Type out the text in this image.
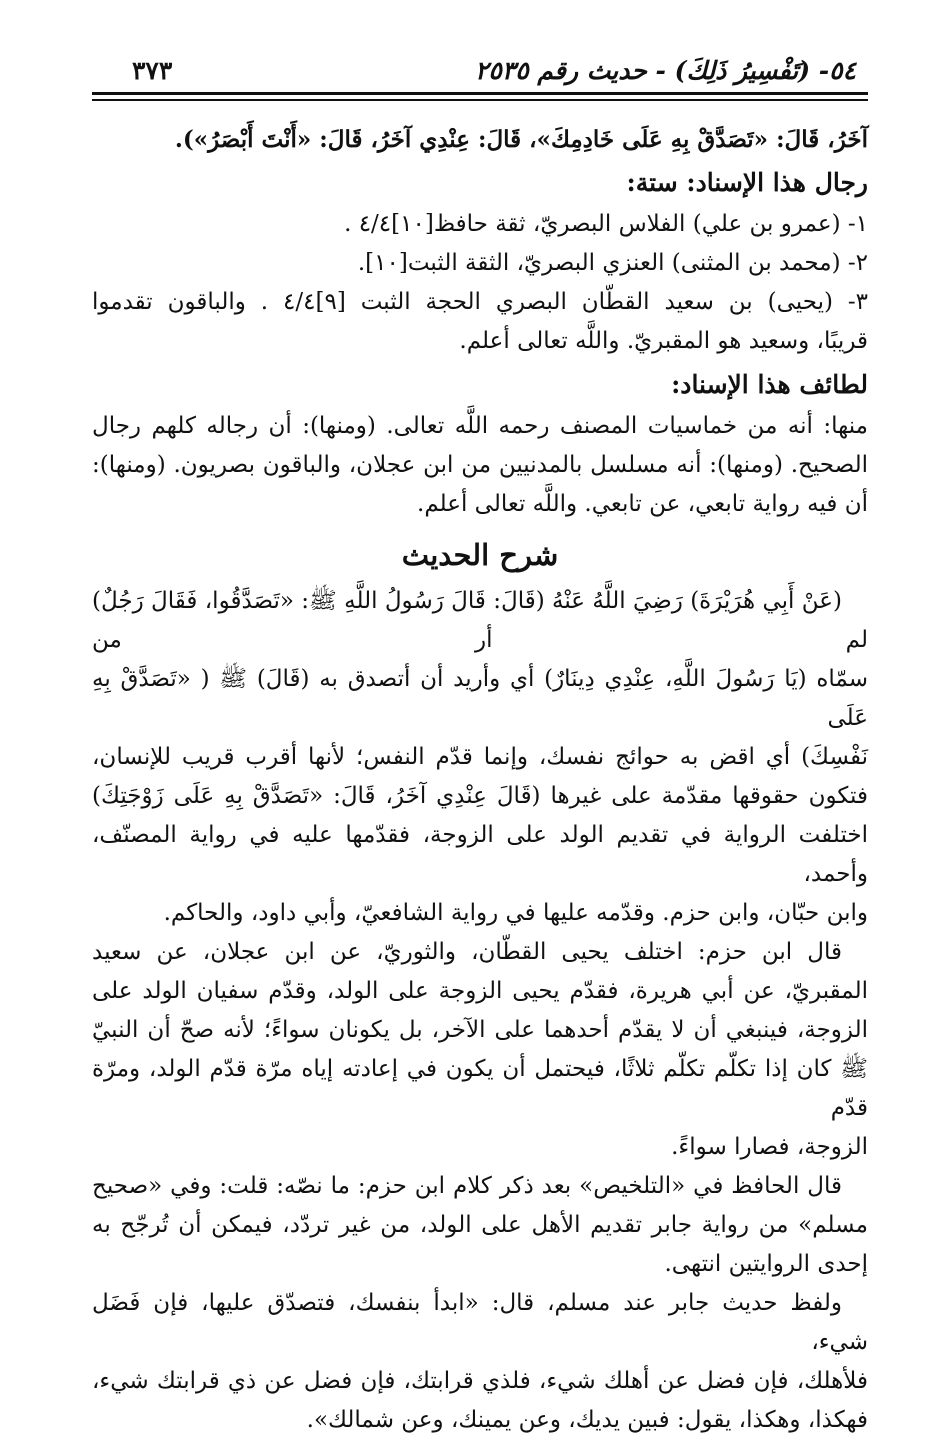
٥٤- (تَفْسِيرُ ذَلِكَ) - حديث رقم ٢٥٣٥
٣٧٣

آخَرُ، قَالَ: «تَصَدَّقْ بِهِ عَلَى خَادِمِكَ»، قَالَ: عِنْدِي آخَرُ، قَالَ: «أَنْتَ أَبْصَرُ»).

رجال هذا الإسناد: ستة:
١- (عمرو بن علي) الفلاس البصريّ، ثقة حافظ[١٠]٤/٤ .
٢- (محمد بن المثنى) العنزي البصريّ، الثقة الثبت[١٠].
٣- (يحيى) بن سعيد القطّان البصري الحجة الثبت [٩]٤/٤ . والباقون تقدموا
قريبًا، وسعيد هو المقبريّ. واللَّه تعالى أعلم.
لطائف هذا الإسناد:

منها: أنه من خماسيات المصنف رحمه اللَّه تعالى. (ومنها): أن رجاله كلهم رجال

الصحيح. (ومنها): أنه مسلسل بالمدنيين من ابن عجلان، والباقون بصريون. (ومنها):

أن فيه رواية تابعي، عن تابعي. واللَّه تعالى أعلم.

شرح الحديث

(عَنْ أَبِي هُرَيْرَةَ) رَضِيَ اللَّهُ عَنْهُ (قَالَ: قَالَ رَسُولُ اللَّهِ ﷺ: «تَصَدَّقُوا، فَقَالَ رَجُلٌ) لم أر من

سمّاه (يَا رَسُولَ اللَّهِ، عِنْدِي دِينَارٌ) أي وأريد أن أتصدق به (قَالَ) ﷺ ( «تَصَدَّقْ بِهِ عَلَى

نَفْسِكَ) أي اقض به حوائج نفسك، وإنما قدّم النفس؛ لأنها أقرب قريب للإنسان،

فتكون حقوقها مقدّمة على غيرها (قَالَ عِنْدِي آخَرُ، قَالَ: «تَصَدَّقْ بِهِ عَلَى زَوْجَتِكَ)

اختلفت الرواية في تقديم الولد على الزوجة، فقدّمها عليه في رواية المصنّف، وأحمد،

وابن حبّان، وابن حزم. وقدّمه عليها في رواية الشافعيّ، وأبي داود، والحاكم.

قال ابن حزم: اختلف يحيى القطّان، والثوريّ، عن ابن عجلان، عن سعيد

المقبريّ، عن أبي هريرة، فقدّم يحيى الزوجة على الولد، وقدّم سفيان الولد على

الزوجة، فينبغي أن لا يقدّم أحدهما على الآخر، بل يكونان سواءً؛ لأنه صحّ أن النبيّ

ﷺ كان إذا تكلّم تكلّم ثلاثًا، فيحتمل أن يكون في إعادته إياه مرّة قدّم الولد، ومرّة قدّم

الزوجة، فصارا سواءً.

قال الحافظ في «التلخيص» بعد ذكر كلام ابن حزم: ما نصّه: قلت: وفي «صحيح

مسلم» من رواية جابر تقديم الأهل على الولد، من غير تردّد، فيمكن أن تُرجّح به

إحدى الروايتين انتهى.

ولفظ حديث جابر عند مسلم، قال: «ابدأ بنفسك، فتصدّق عليها، فإن فَضَل شيء،

فلأهلك، فإن فضل عن أهلك شيء، فلذي قرابتك، فإن فضل عن ذي قرابتك شيء،

فهكذا، وهكذا، يقول: فبين يديك، وعن يمينك، وعن شمالك».
